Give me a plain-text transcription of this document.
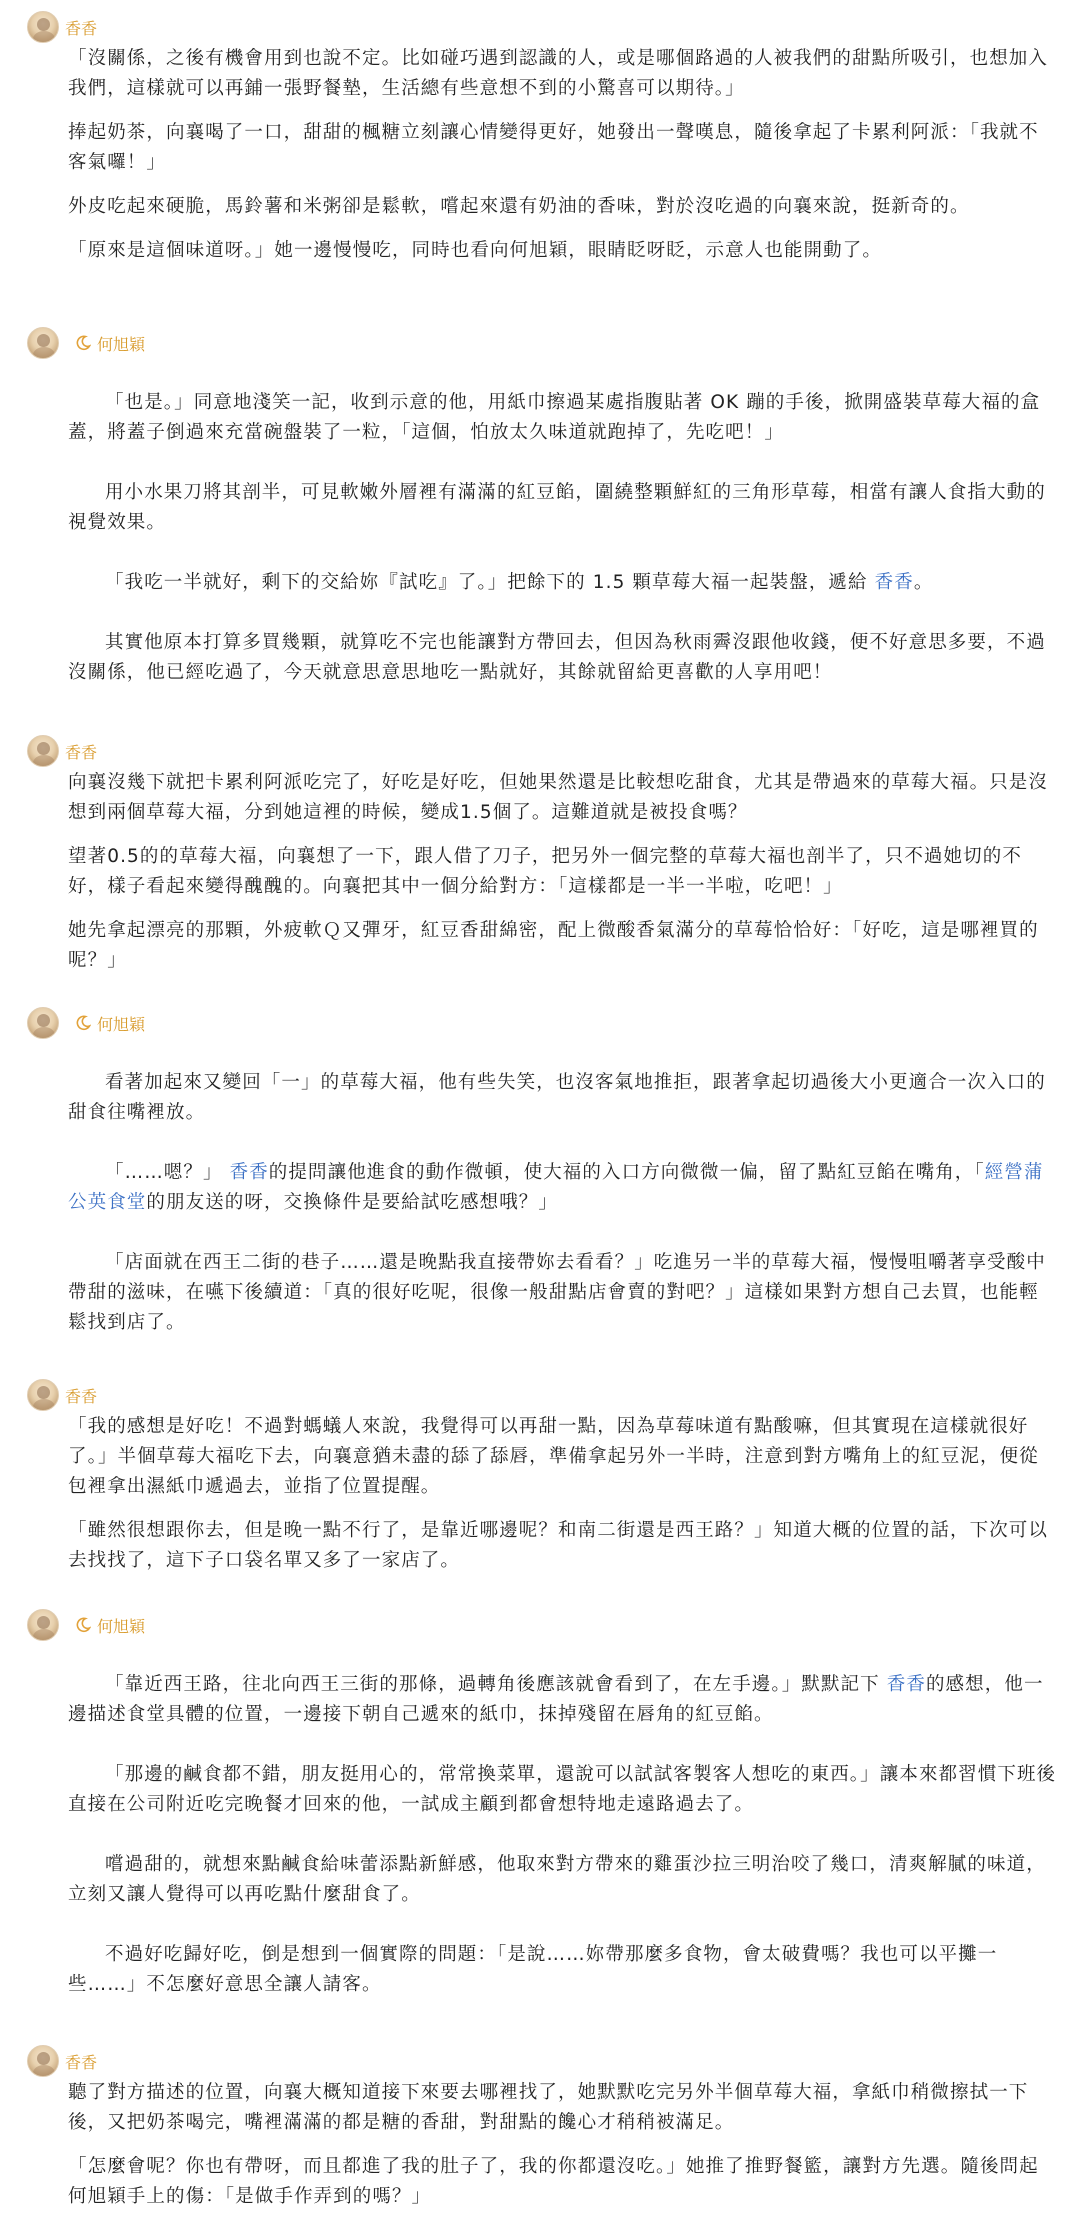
香香

「沒關係，之後有機會用到也說不定。比如碰巧遇到認識的人，或是哪個路過的人被我們的甜點所吸引，也想加入我們，這樣就可以再鋪一張野餐墊，生活總有些意想不到的小驚喜可以期待。」

捧起奶茶，向襄喝了一口，甜甜的楓糖立刻讓心情變得更好，她發出一聲嘆息，隨後拿起了卡累利阿派：「我就不客氣囉！」

外皮吃起來硬脆，馬鈴薯和米粥卻是鬆軟，嚐起來還有奶油的香味，對於沒吃過的向襄來說，挺新奇的。

「原來是這個味道呀。」她一邊慢慢吃，同時也看向何旭穎，眼睛眨呀眨，示意人也能開動了。

何旭穎

「也是。」同意地淺笑一記，收到示意的他，用紙巾擦過某處指腹貼著 OK 蹦的手後，掀開盛裝草莓大福的盒蓋，將蓋子倒過來充當碗盤裝了一粒，「這個，怕放太久味道就跑掉了，先吃吧！」

用小水果刀將其剖半，可見軟嫩外層裡有滿滿的紅豆餡，圍繞整顆鮮紅的三角形草莓，相當有讓人食指大動的視覺效果。

「我吃一半就好，剩下的交給妳『試吃』了。」把餘下的 1.5 顆草莓大福一起裝盤，遞給 香香。

其實他原本打算多買幾顆，就算吃不完也能讓對方帶回去，但因為秋雨霽沒跟他收錢，便不好意思多要，不過沒關係，他已經吃過了，今天就意思意思地吃一點就好，其餘就留給更喜歡的人享用吧！

香香

向襄沒幾下就把卡累利阿派吃完了，好吃是好吃，但她果然還是比較想吃甜食，尤其是帶過來的草莓大福。只是沒想到兩個草莓大福，分到她這裡的時候，變成1.5個了。這難道就是被投食嗎？

望著0.5的的草莓大福，向襄想了一下，跟人借了刀子，把另外一個完整的草莓大福也剖半了，只不過她切的不好，樣子看起來變得醜醜的。向襄把其中一個分給對方：「這樣都是一半一半啦，吃吧！」

她先拿起漂亮的那顆，外疲軟Ｑ又彈牙，紅豆香甜綿密，配上微酸香氣滿分的草莓恰恰好：「好吃，這是哪裡買的呢？」

何旭穎

看著加起來又變回「一」的草莓大福，他有些失笑，也沒客氣地推拒，跟著拿起切過後大小更適合一次入口的甜食往嘴裡放。

「……嗯？」 香香的提問讓他進食的動作微頓，使大福的入口方向微微一偏，留了點紅豆餡在嘴角，「經營蒲公英食堂的朋友送的呀，交換條件是要給試吃感想哦？」

「店面就在西王二街的巷子……還是晚點我直接帶妳去看看？」吃進另一半的草莓大福，慢慢咀嚼著享受酸中帶甜的滋味，在嚥下後續道：「真的很好吃呢，很像一般甜點店會賣的對吧？」這樣如果對方想自己去買，也能輕鬆找到店了。

香香

「我的感想是好吃！不過對螞蟻人來說，我覺得可以再甜一點，因為草莓味道有點酸嘛，但其實現在這樣就很好了。」半個草莓大福吃下去，向襄意猶未盡的舔了舔唇，準備拿起另外一半時，注意到對方嘴角上的紅豆泥，便從包裡拿出濕紙巾遞過去，並指了位置提醒。

「雖然很想跟你去，但是晚一點不行了，是靠近哪邊呢？和南二街還是西王路？」知道大概的位置的話，下次可以去找找了，這下子口袋名單又多了一家店了。

何旭穎

「靠近西王路，往北向西王三街的那條，過轉角後應該就會看到了，在左手邊。」默默記下 香香的感想，他一邊描述食堂具體的位置，一邊接下朝自己遞來的紙巾，抹掉殘留在唇角的紅豆餡。

「那邊的鹹食都不錯，朋友挺用心的，常常換菜單，還說可以試試客製客人想吃的東西。」讓本來都習慣下班後直接在公司附近吃完晚餐才回來的他，一試成主顧到都會想特地走遠路過去了。

嚐過甜的，就想來點鹹食給味蕾添點新鮮感，他取來對方帶來的雞蛋沙拉三明治咬了幾口，清爽解膩的味道，立刻又讓人覺得可以再吃點什麼甜食了。

不過好吃歸好吃，倒是想到一個實際的問題：「是說……妳帶那麼多食物，會太破費嗎？我也可以平攤一些……」不怎麼好意思全讓人請客。

香香

聽了對方描述的位置，向襄大概知道接下來要去哪裡找了，她默默吃完另外半個草莓大福，拿紙巾稍微擦拭一下後，又把奶茶喝完，嘴裡滿滿的都是糖的香甜，對甜點的饞心才稍稍被滿足。

「怎麼會呢？你也有帶呀，而且都進了我的肚子了，我的你都還沒吃。」她推了推野餐籃，讓對方先選。隨後問起何旭穎手上的傷：「是做手作弄到的嗎？」
